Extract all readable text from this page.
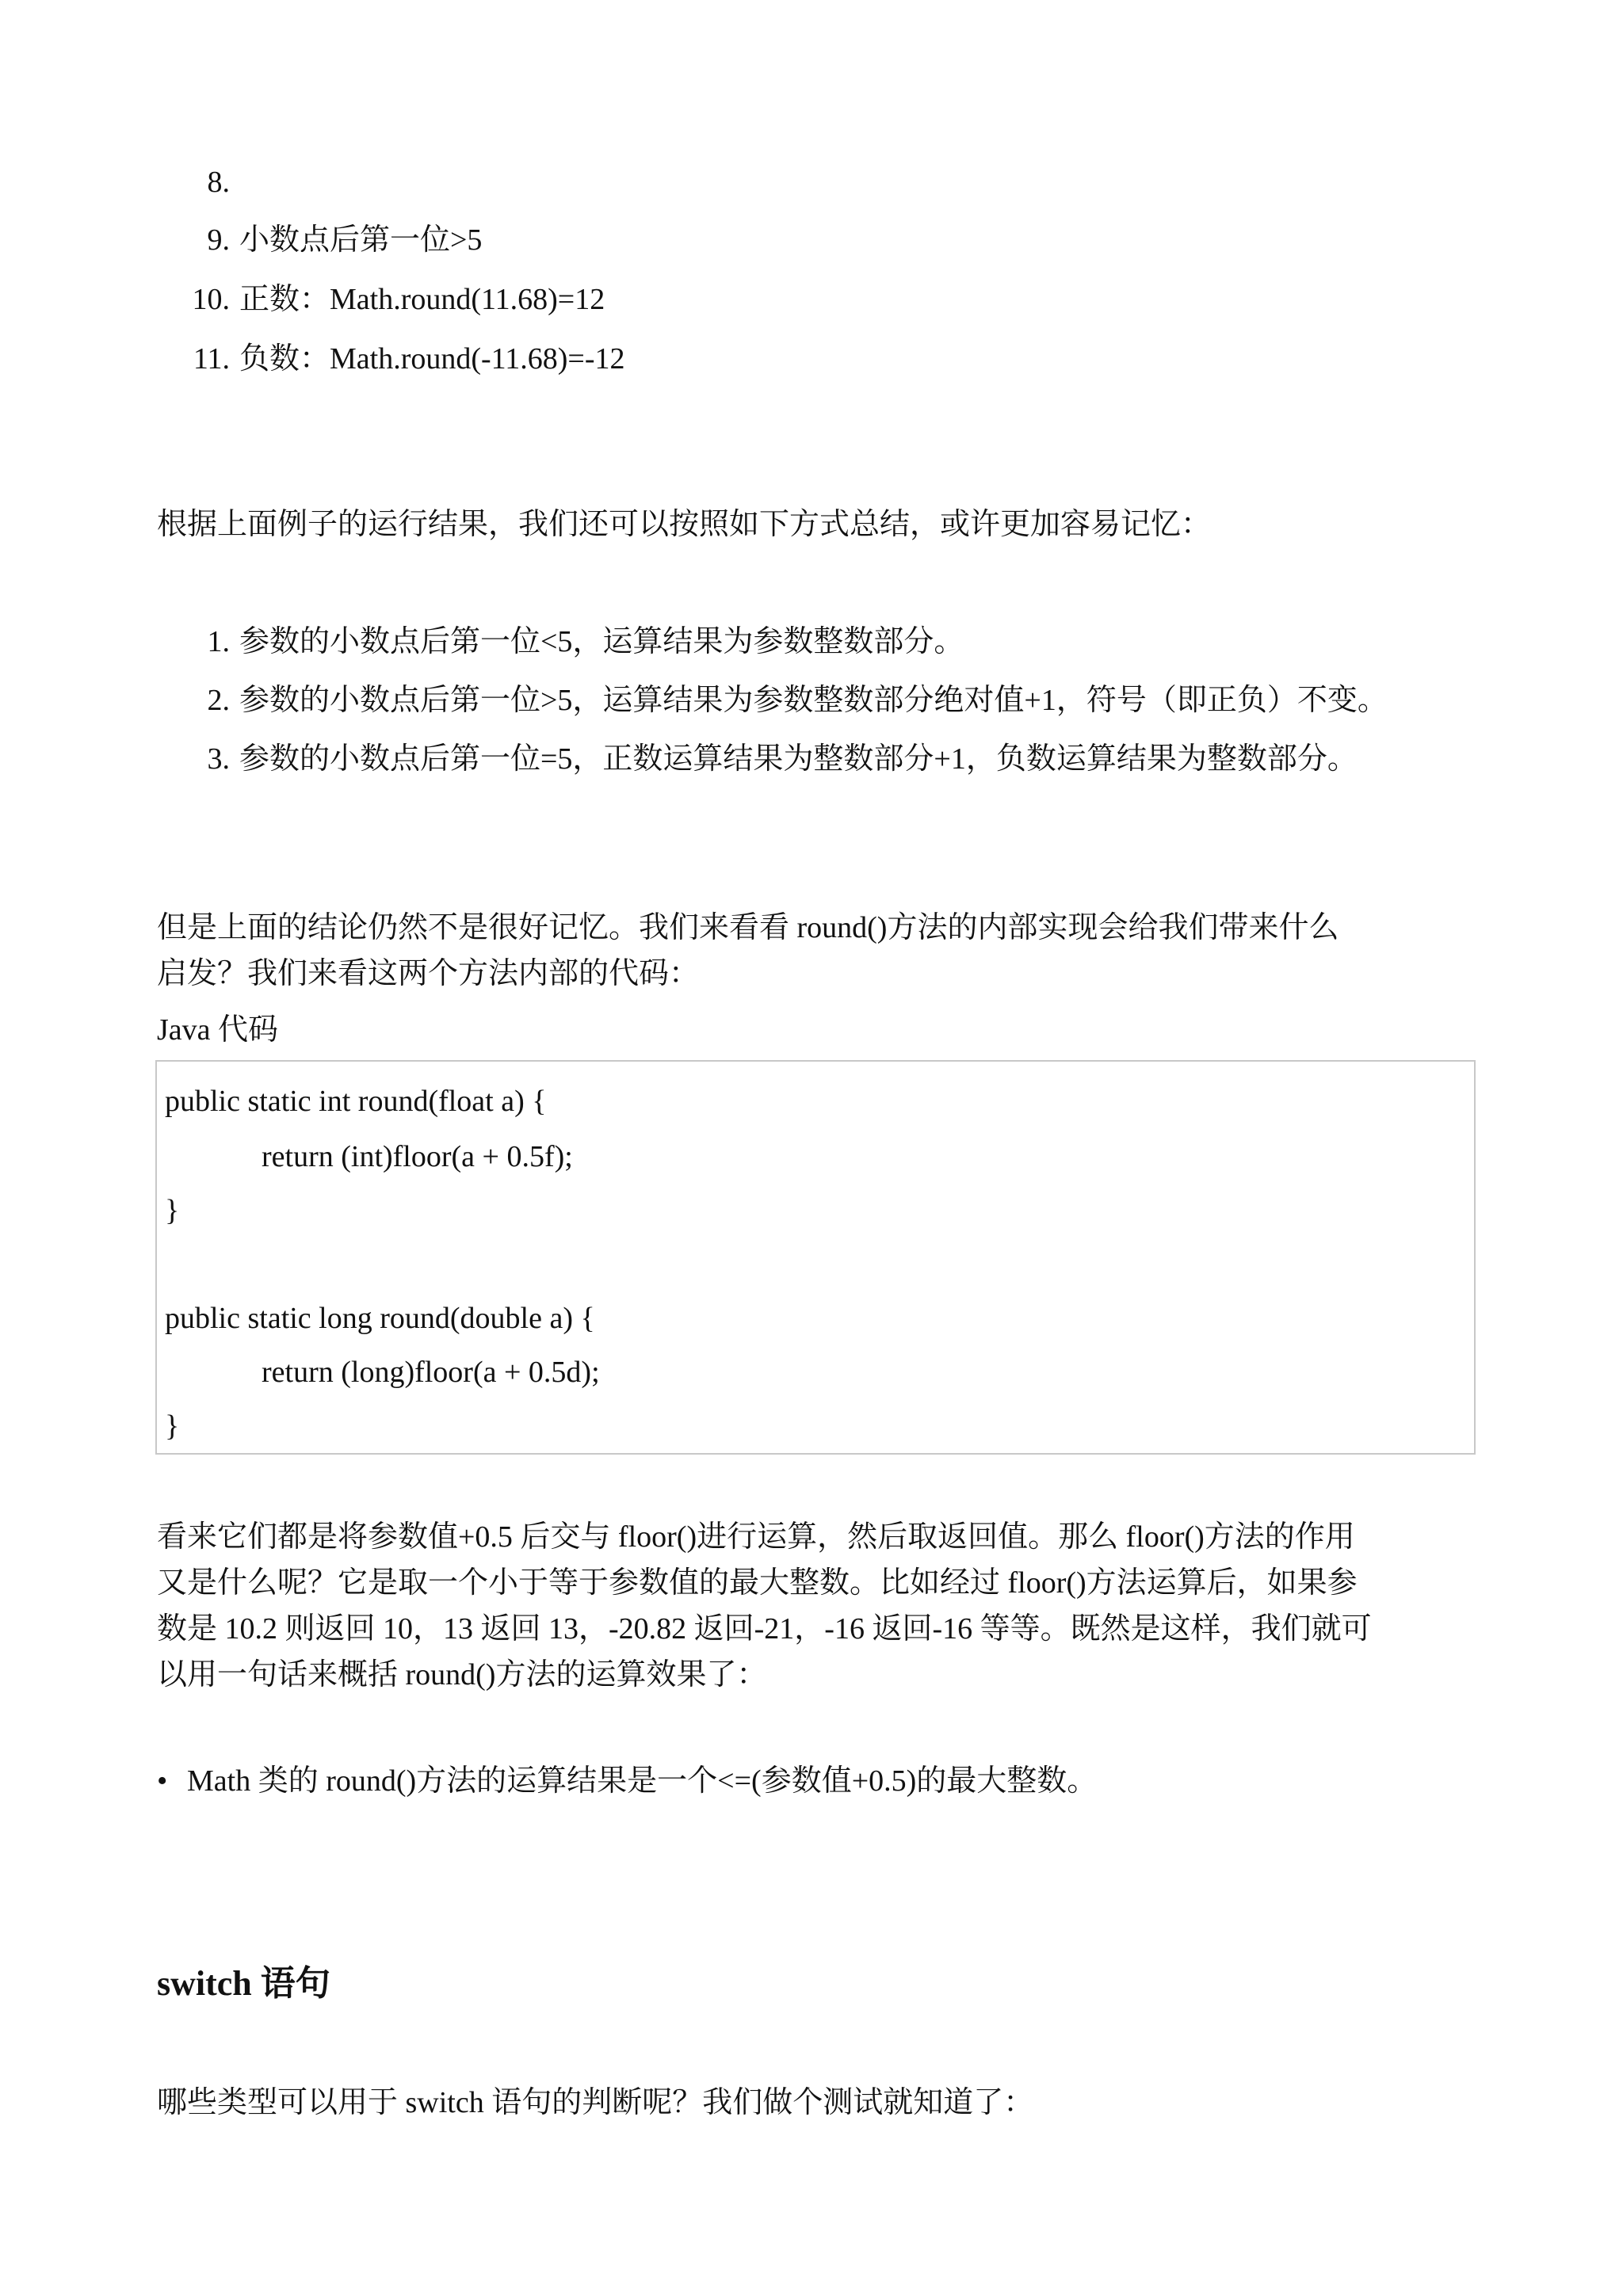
8.
9. 小数点后第一位>5
10. 正数：Math.round(11.68)=12
11. 负数：Math.round(-11.68)=-12

根据上面例子的运行结果，我们还可以按照如下方式总结，或许更加容易记忆：

1. 参数的小数点后第一位<5，运算结果为参数整数部分。
2. 参数的小数点后第一位>5，运算结果为参数整数部分绝对值+1，符号（即正负）不变。
3. 参数的小数点后第一位=5，正数运算结果为整数部分+1，负数运算结果为整数部分。

但是上面的结论仍然不是很好记忆。我们来看看 round()方法的内部实现会给我们带来什么

启发？我们来看这两个方法内部的代码：

Java 代码

public static int round(float a) {
return (int)floor(a + 0.5f);
}
public static long round(double a) {
return (long)floor(a + 0.5d);
}

看来它们都是将参数值+0.5 后交与 floor()进行运算，然后取返回值。那么 floor()方法的作用

又是什么呢？它是取一个小于等于参数值的最大整数。比如经过 floor()方法运算后，如果参

数是 10.2 则返回 10，13 返回 13，-20.82 返回-21，-16 返回-16 等等。既然是这样，我们就可

以用一句话来概括 round()方法的运算效果了：

• Math 类的 round()方法的运算结果是一个<=(参数值+0.5)的最大整数。
switch 语句

哪些类型可以用于 switch 语句的判断呢？我们做个测试就知道了：
